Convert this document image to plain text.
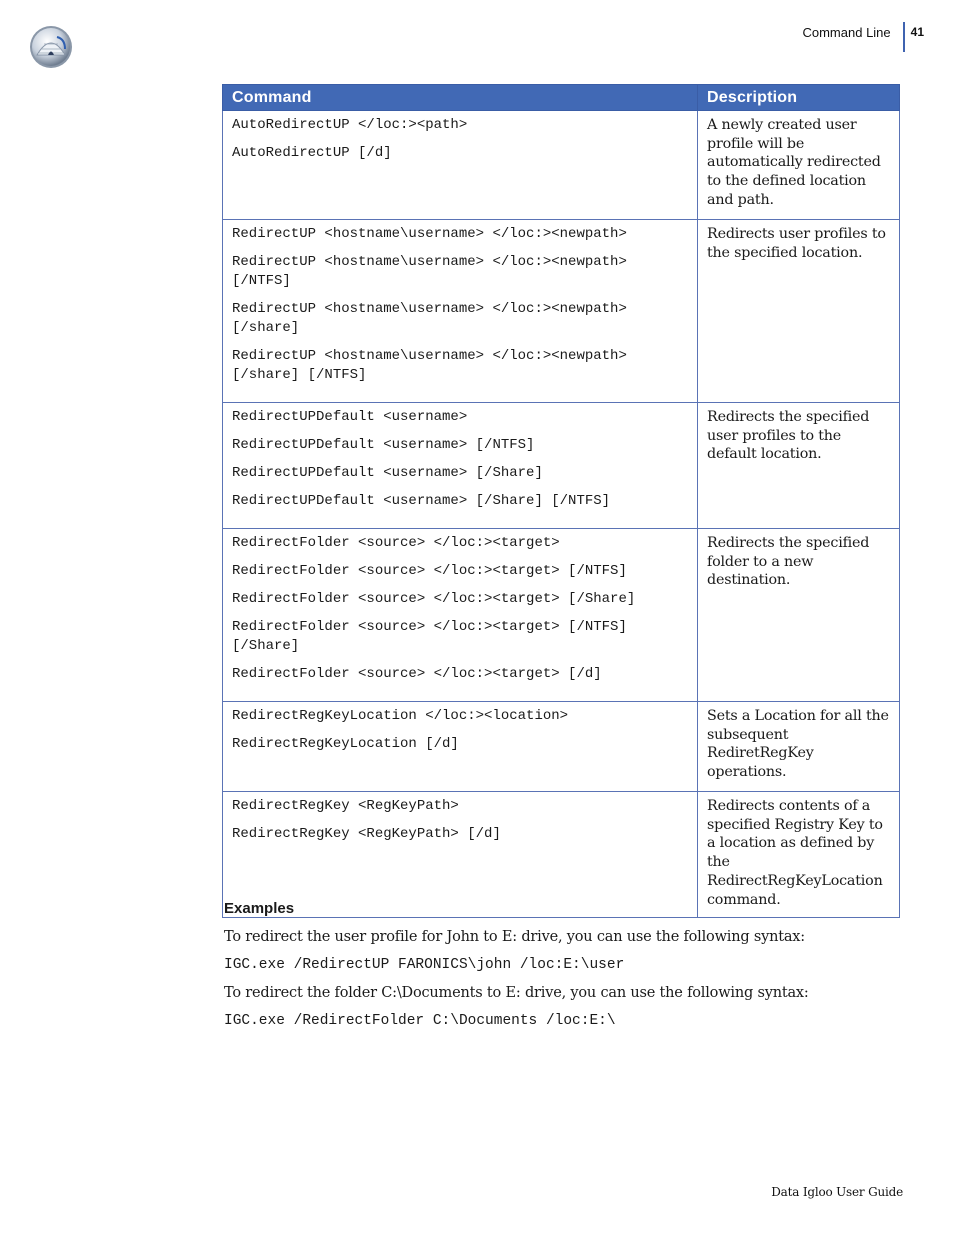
Command Line 41
Command	Description

AutoRedirectUP </loc:><path>
AutoRedirectUP [/d]	A newly created user profile will be automatically redirected to the defined location and path.

RedirectUP <hostname\username> </loc:><newpath>
RedirectUP <hostname\username> </loc:><newpath> [/NTFS]
RedirectUP <hostname\username> </loc:><newpath> [/share]
RedirectUP <hostname\username> </loc:><newpath> [/share] [/NTFS]	Redirects user profiles to the specified location.

RedirectUPDefault <username>
RedirectUPDefault <username> [/NTFS]
RedirectUPDefault <username> [/Share]
RedirectUPDefault <username> [/Share] [/NTFS]	Redirects the specified user profiles to the default location.

RedirectFolder <source> </loc:><target>
RedirectFolder <source> </loc:><target> [/NTFS]
RedirectFolder <source> </loc:><target> [/Share]
RedirectFolder <source> </loc:><target> [/NTFS] [/Share]
RedirectFolder <source> </loc:><target> [/d]	Redirects the specified folder to a new destination.

RedirectRegKeyLocation </loc:><location>
RedirectRegKeyLocation [/d]	Sets a Location for all the subsequent RediretRegKey operations.

RedirectRegKey <RegKeyPath>
RedirectRegKey <RegKeyPath> [/d]	Redirects contents of a specified Registry Key to a location as defined by the RedirectRegKeyLocation command.
Examples
To redirect the user profile for John to E: drive, you can use the following syntax:
IGC.exe /RedirectUP FARONICS\john /loc:E:\user
To redirect the folder C:\Documents to E: drive, you can use the following syntax:
IGC.exe /RedirectFolder C:\Documents /loc:E:\
Data Igloo User Guide
